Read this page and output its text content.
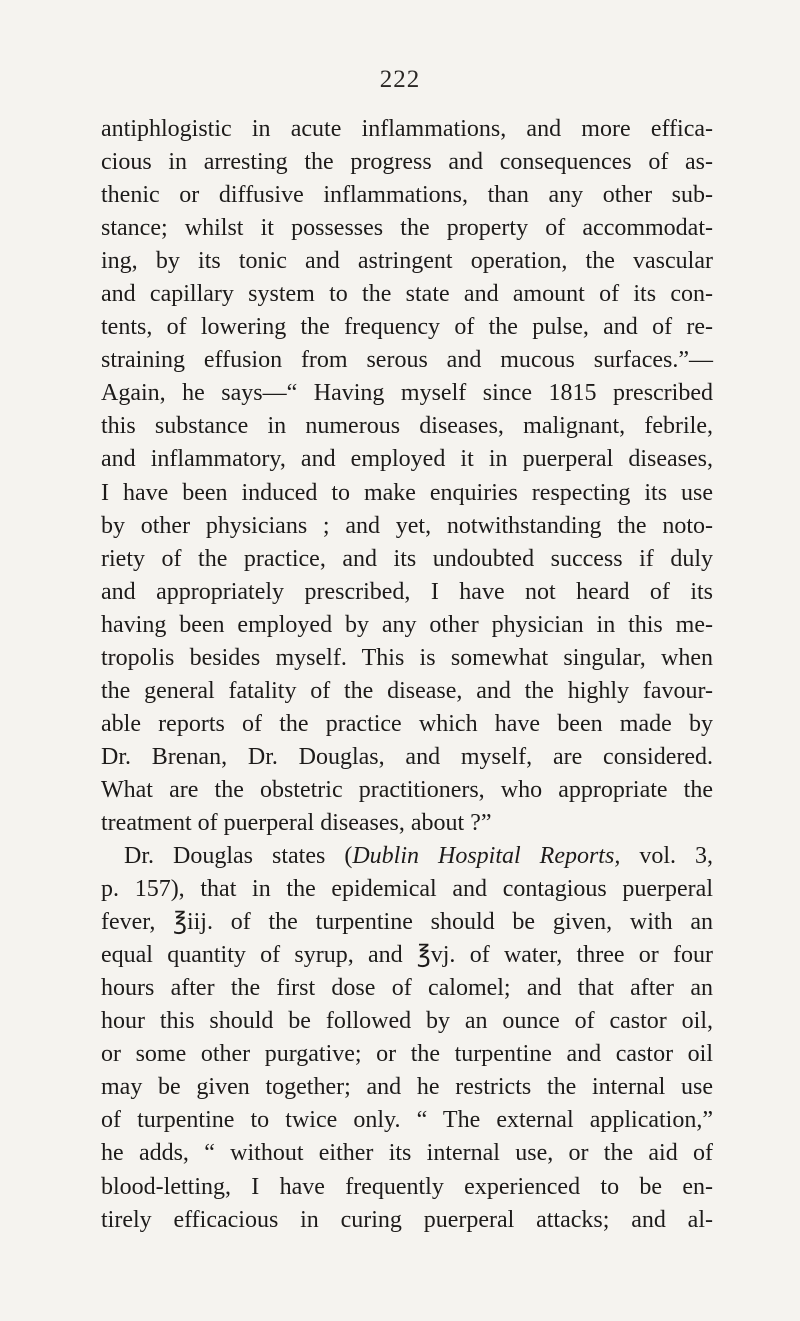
222
antiphlogistic in acute inflammations, and more effica-
cious in arresting the progress and consequences of as-
thenic or diffusive inflammations, than any other sub-
stance; whilst it possesses the property of accommodat-
ing, by its tonic and astringent operation, the vascular
and capillary system to the state and amount of its con-
tents, of lowering the frequency of the pulse, and of re-
straining effusion from serous and mucous surfaces.”—
Again, he says—“ Having myself since 1815 prescribed
this substance in numerous diseases, malignant, febrile,
and inflammatory, and employed it in puerperal diseases,
I have been induced to make enquiries respecting its use
by other physicians ; and yet, notwithstanding the noto-
riety of the practice, and its undoubted success if duly
and appropriately prescribed, I have not heard of its
having been employed by any other physician in this me-
tropolis besides myself. This is somewhat singular, when
the general fatality of the disease, and the highly favour-
able reports of the practice which have been made by
Dr. Brenan, Dr. Douglas, and myself, are considered.
What are the obstetric practitioners, who appropriate the
treatment of puerperal diseases, about ?”
Dr. Douglas states (Dublin Hospital Reports, vol. 3,
p. 157), that in the epidemical and contagious puerperal
fever, ℥iij. of the turpentine should be given, with an
equal quantity of syrup, and ℥vj. of water, three or four
hours after the first dose of calomel; and that after an
hour this should be followed by an ounce of castor oil,
or some other purgative; or the turpentine and castor oil
may be given together; and he restricts the internal use
of turpentine to twice only. “ The external application,”
he adds, “ without either its internal use, or the aid of
blood-letting, I have frequently experienced to be en-
tirely efficacious in curing puerperal attacks; and al-
